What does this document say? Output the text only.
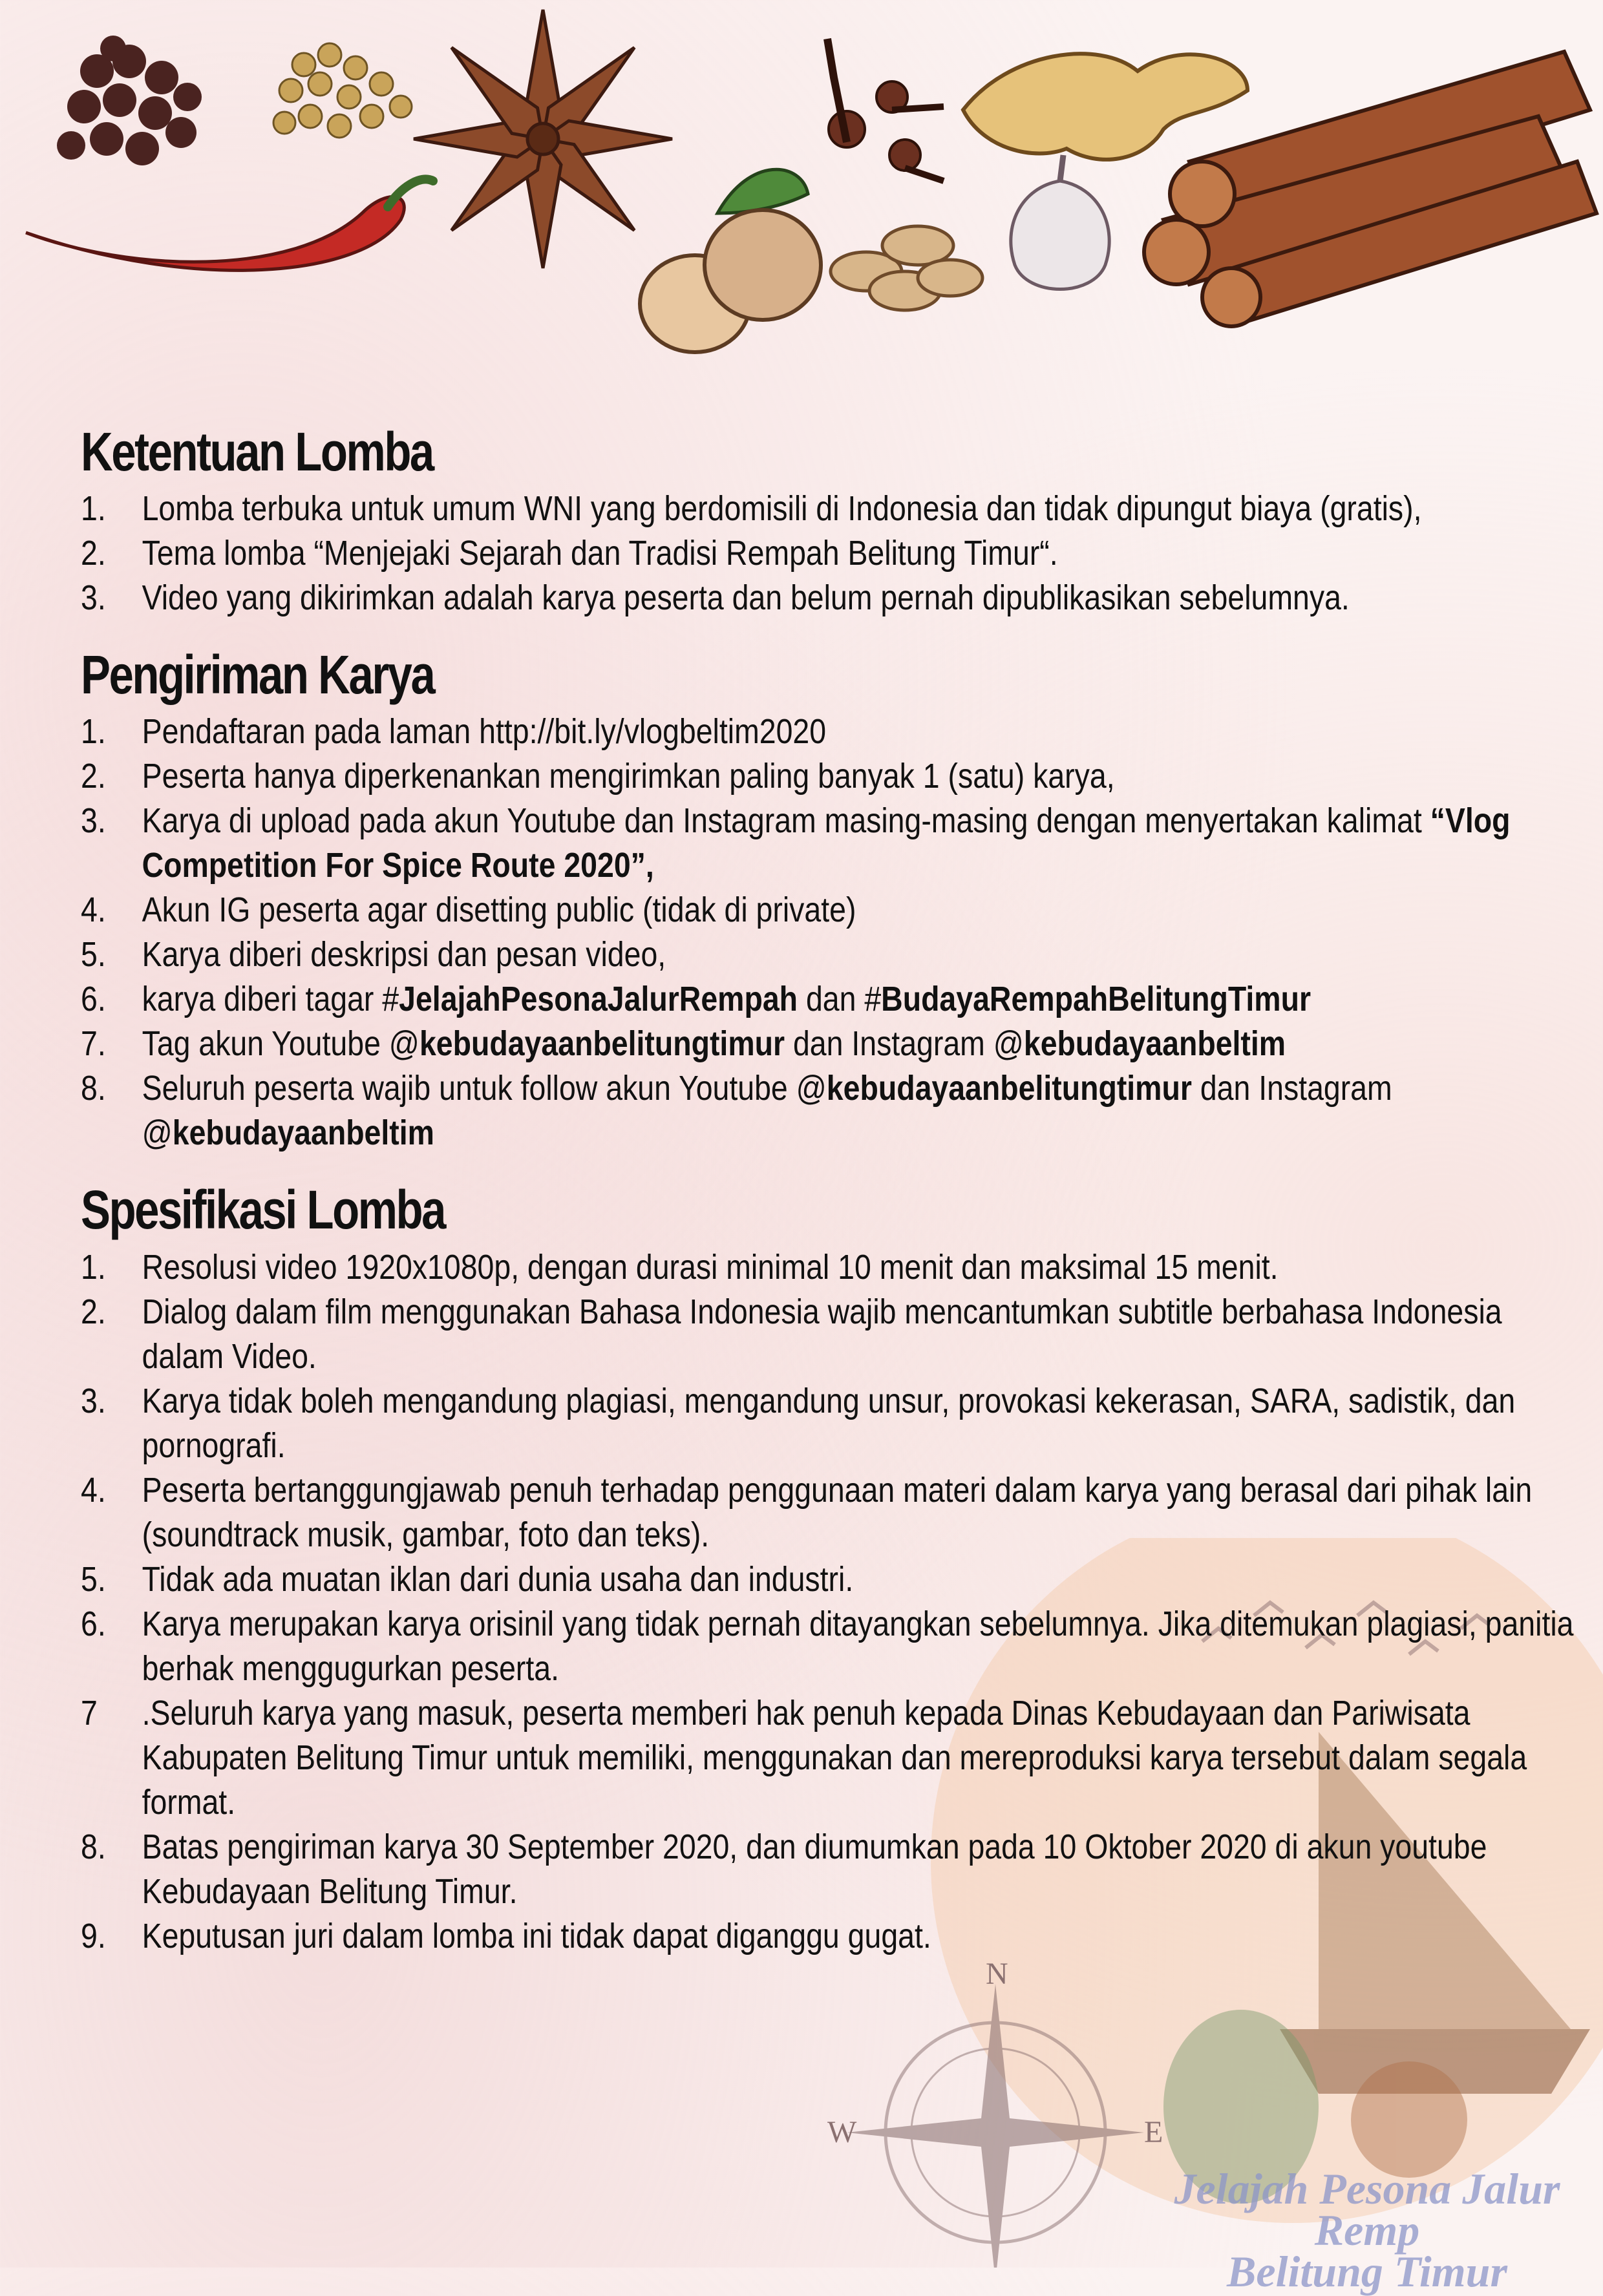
N
W	E
Ketentuan Lomba
1. Lomba terbuka untuk umum WNI yang berdomisili di Indonesia dan tidak dipungut biaya (gratis),
2. Tema lomba “Menjejaki Sejarah dan Tradisi Rempah Belitung Timur“.
3. Video yang dikirimkan adalah karya peserta dan belum pernah dipublikasikan sebelumnya.
Pengiriman Karya
1. Pendaftaran pada laman http://bit.ly/vlogbeltim2020
2. Peserta hanya diperkenankan mengirimkan paling banyak 1 (satu) karya,
3. Karya di upload pada akun Youtube dan Instagram masing-masing dengan menyertakan kalimat “Vlog Competition For Spice Route 2020”,
4. Akun IG peserta agar disetting public (tidak di private)
5. Karya diberi deskripsi dan pesan video,
6. karya diberi tagar #JelajahPesonaJalurRempah dan #BudayaRempahBelitungTimur
7. Tag akun Youtube @kebudayaanbelitungtimur dan Instagram @kebudayaanbeltim
8. Seluruh peserta wajib untuk follow akun Youtube @kebudayaanbelitungtimur dan Instagram @kebudayaanbeltim
Spesifikasi Lomba
1. Resolusi video 1920x1080p, dengan durasi minimal 10 menit dan maksimal 15 menit.
2. Dialog dalam film menggunakan Bahasa Indonesia wajib mencantumkan subtitle berbahasa Indonesia dalam Video.
3. Karya tidak boleh mengandung plagiasi, mengandung unsur, provokasi kekerasan, SARA, sadistik, dan pornografi.
4. Peserta bertanggungjawab penuh terhadap penggunaan materi dalam karya yang berasal dari pihak lain (soundtrack musik, gambar, foto dan teks).
5. Tidak ada muatan iklan dari dunia usaha dan industri.
6. Karya merupakan karya orisinil yang tidak pernah ditayangkan sebelumnya. Jika ditemukan plagiasi, panitia berhak menggugurkan peserta.
7 .Seluruh karya yang masuk, peserta memberi hak penuh kepada Dinas Kebudayaan dan Pariwisata Kabupaten Belitung Timur untuk memiliki, menggunakan dan mereproduksi karya tersebut dalam segala format.
8. Batas pengiriman karya 30 September 2020, dan diumumkan pada 10 Oktober 2020 di akun youtube Kebudayaan Belitung Timur.
9. Keputusan juri dalam lomba ini tidak dapat diganggu gugat.
Jelajah Pesona Jalur Remp
Belitung Timur
